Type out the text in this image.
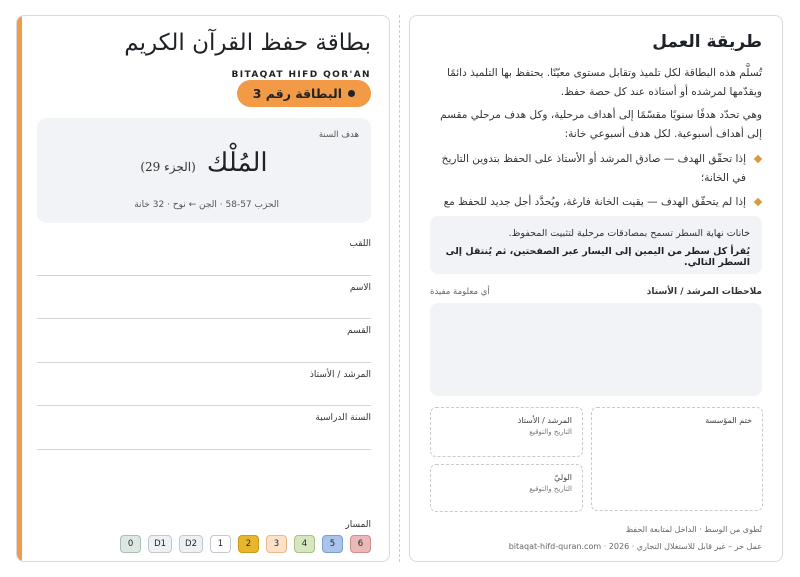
بطاقة حفظ القرآن الكريم
BITAQAT HIFD QOR'AN
البطاقة رقم 3
هدف السنة
المُلْك (الجزء 29)
الحزب 57-58 · الجن ← نوح · 32 خانة
اللقب
الاسم
القسم
المرشد / الأستاذ
السنة الدراسية
المسار
6
5
4
3
2
1
D2
D1
0
طريقة العمل

تُسلَّم هذه البطاقة لكل تلميذ وتقابل مستوى معيّنًا. يحتفظ بها التلميذ دائمًا ويقدّمها لمرشده أو أستاذه عند كل حصة حفظ.

وهي تحدّد هدفًا سنويًا مقسّمًا إلى أهداف مرحلية، وكل هدف مرحلي مقسم إلى أهداف أسبوعية. لكل هدف أسبوعي خانة:

إذا تحقّق الهدف — صادق المرشد أو الأستاذ على الحفظ بتدوين التاريخ في الخانة؛
إذا لم يتحقّق الهدف — يقيت الخانة فارغة، ويُحدَّد أجل جديد للحفظ مع
خانات نهاية السطر تسمح بمصادقات مرحلية لتثبيت المحفوظ.
يُقرأ كل سطر من اليمين إلى اليسار عبر الصفحتين، ثم يُنتقل إلى السطر التالي.
ملاحظات المرشد / الأستاذ
أي معلومة مفيدة
ختم المؤسسة
المرشد / الأستاذ
التاريخ والتوقيع
الوليّ
التاريخ والتوقيع
تُطوى من الوسط · الداخل لمتابعة الحفظ
عمل حر – غير قابل للاستغلال التجاري · 2026 · bitaqat-hifd-quran.com
